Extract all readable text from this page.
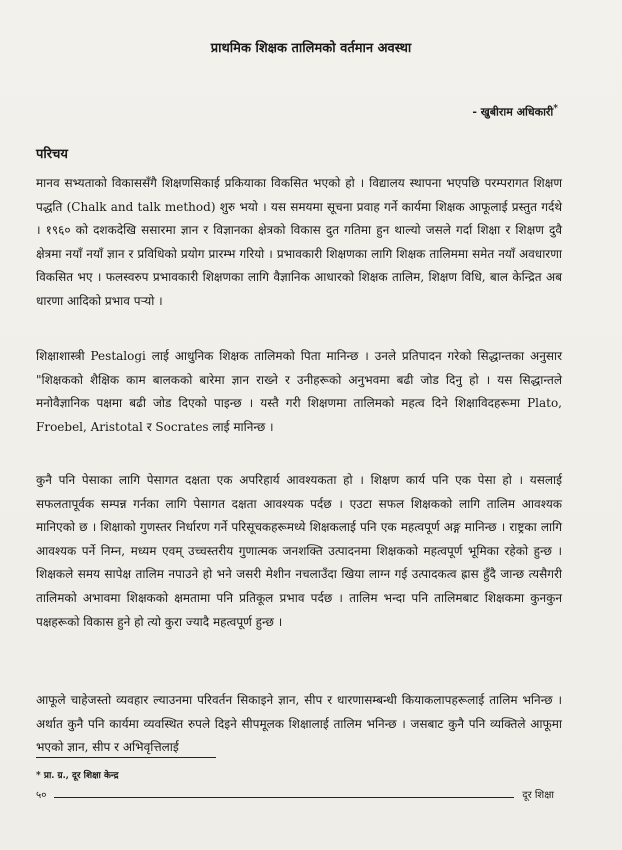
प्राथमिक शिक्षक तालिमको वर्तमान अवस्था
- खुबीराम अधिकारी*
परिचय
मानव सभ्यताको विकाससँगै शिक्षणसिकाई प्रकियाका विकसित भएको हो । विद्यालय स्थापना भएपछि परम्परागत शिक्षण पद्धति (Chalk and talk method) शुरु भयो । यस समयमा सूचना प्रवाह गर्ने कार्यमा शिक्षक आफूलाई प्रस्तुत गर्दथे । १९६० को दशकदेखि ससारमा ज्ञान र विज्ञानका क्षेत्रको विकास दुत गतिमा हुन थाल्यो जसले गर्दा शिक्षा र शिक्षण दुवै क्षेत्रमा नयाँ नयाँ ज्ञान र प्रविधिको प्रयोग प्रारम्भ गरियो । प्रभावकारी शिक्षणका लागि शिक्षक तालिममा समेत नयाँ अवधारणा विकसित भए । फलस्वरुप प्रभावकारी शिक्षणका लागि वैज्ञानिक आधारको शिक्षक तालिम, शिक्षण विधि, बाल केन्द्रित अब धारणा आदिको प्रभाव पर्‍यो ।
शिक्षाशास्त्री Pestalogi लाई आधुनिक शिक्षक तालिमको पिता मानिन्छ । उनले प्रतिपादन गरेको सिद्धान्तका अनुसार "शिक्षकको शैक्षिक काम बालकको बारेमा ज्ञान राख्ने र उनीहरूको अनुभवमा बढी जोड दिनु हो । यस सिद्धान्तले मनोवैज्ञानिक पक्षमा बढी जोड दिएको पाइन्छ । यस्तै गरी शिक्षणमा तालिमको महत्व दिने शिक्षाविदहरूमा Plato, Froebel, Aristotal र Socrates लाई मानिन्छ ।
कुनै पनि पेसाका लागि पेसागत दक्षता एक अपरिहार्य आवश्यकता हो । शिक्षण कार्य पनि एक पेसा हो । यसलाई सफलतापूर्वक सम्पन्न गर्नका लागि पेसागत दक्षता आवश्यक पर्दछ । एउटा सफल शिक्षकको लागि तालिम आवश्यक मानिएको छ । शिक्षाको गुणस्तर निर्धारण गर्ने परिसूचकहरूमध्ये शिक्षकलाई पनि एक महत्वपूर्ण अङ्ग मानिन्छ । राष्ट्रका लागि आवश्यक पर्ने निम्न, मध्यम एवम् उच्चस्तरीय गुणात्मक जनशक्ति उत्पादनमा शिक्षकको महत्वपूर्ण भूमिका रहेको हुन्छ । शिक्षकले समय सापेक्ष तालिम नपाउने हो भने जसरी मेशीन नचलाउँदा खिया लाग्न गई उत्पादकत्व ह्रास हुँदै जान्छ त्यसैगरी तालिमको अभावमा शिक्षकको क्षमतामा पनि प्रतिकूल प्रभाव पर्दछ । तालिम भन्दा पनि तालिमबाट शिक्षकमा कुनकुन पक्षहरूको विकास हुने हो त्यो कुरा ज्यादै महत्वपूर्ण हुन्छ ।
आफूले चाहेजस्तो व्यवहार ल्याउनमा परिवर्तन सिकाइने ज्ञान, सीप र धारणासम्बन्धी कियाकलापहरूलाई तालिम भनिन्छ । अर्थात कुनै पनि कार्यमा व्यवस्थित रुपले दिइने सीपमूलक शिक्षालाई तालिम भनिन्छ । जसबाट कुनै पनि व्यक्तिले आफूमा भएको ज्ञान, सीप र अभिवृत्तिलाई
* प्रा. ग्र., दूर शिक्षा केन्द्र
५०	दूर शिक्षा
